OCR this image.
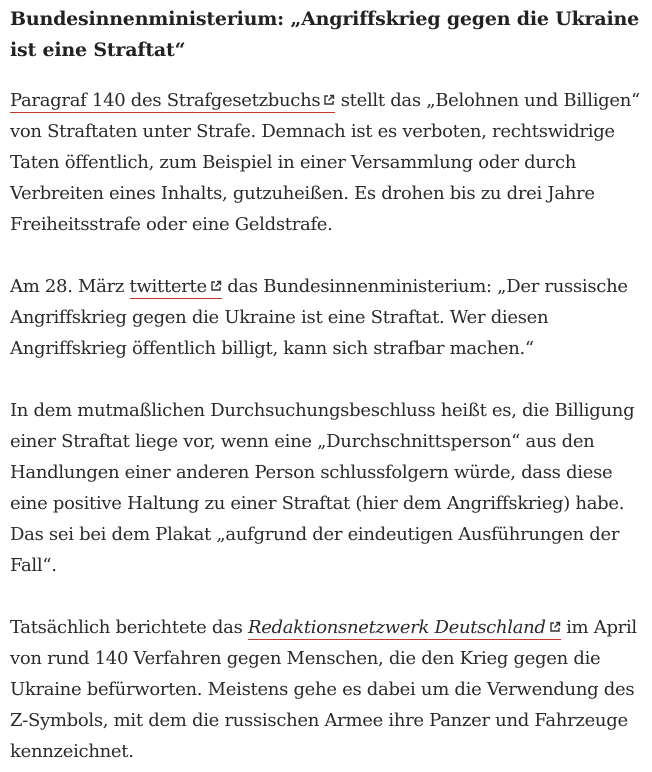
Bundesinnenministerium: „Angriffskrieg gegen die Ukraine ist eine Straftat“

Paragraf 140 des Strafgesetzbuchs stellt das „Belohnen und Billigen“ von Straftaten unter Strafe. Demnach ist es verboten, rechtswidrige Taten öffentlich, zum Beispiel in einer Versammlung oder durch Verbreiten eines Inhalts, gutzuheißen. Es drohen bis zu drei Jahre Freiheitsstrafe oder eine Geldstrafe.

Am 28. März twitterte das Bundesinnenministerium: „Der russische Angriffskrieg gegen die Ukraine ist eine Straftat. Wer diesen Angriffskrieg öffentlich billigt, kann sich strafbar machen.“

In dem mutmaßlichen Durchsuchungsbeschluss heißt es, die Billigung einer Straftat liege vor, wenn eine „Durchschnittsperson“ aus den Handlungen einer anderen Person schlussfolgern würde, dass diese eine positive Haltung zu einer Straftat (hier dem Angriffskrieg) habe. Das sei bei dem Plakat „aufgrund der eindeutigen Ausführungen der Fall“.

Tatsächlich berichtete das Redaktionsnetzwerk Deutschland im April von rund 140 Verfahren gegen Menschen, die den Krieg gegen die Ukraine befürworten. Meistens gehe es dabei um die Verwendung des Z-Symbols, mit dem die russischen Armee ihre Panzer und Fahrzeuge kennzeichnet.
